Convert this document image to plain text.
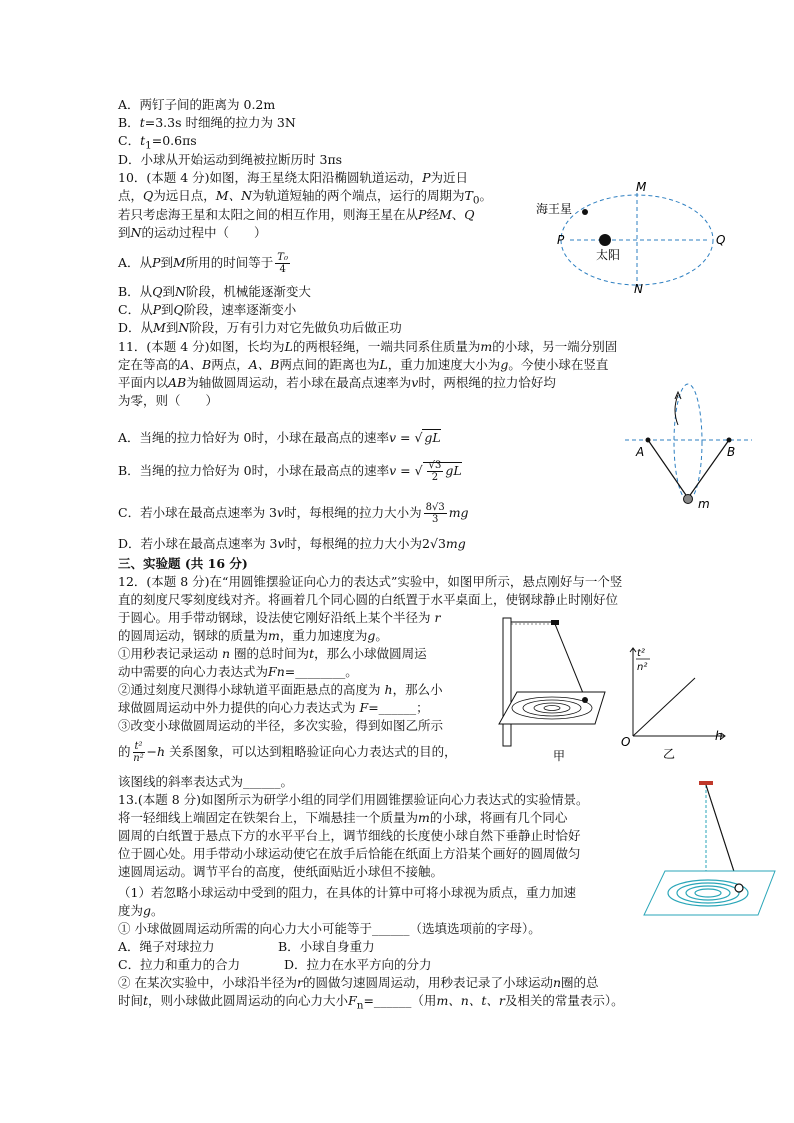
A．两钉子间的距离为 0.2m
B．t=3.3s 时细绳的拉力为 3N
C．$t_1=0.6\pi s$
D．小球从开始运动到绳被拉断历时 3πs
10．(本题 4 分)如图，海王星绕太阳沿椭圆轨道运动，P为近日
点，Q为远日点，M、N为轨道短轴的两个端点，运行的周期为$T_0$。
若只考虑海王星和太阳之间的相互作用，则海王星在从P经M、Q
到N的运动过程中（　　）
A．从P到M所用的时间等于 $\frac{\text{T₀}}{4}$
B．从Q到N阶段，机械能逐渐变大
C．从P到Q阶段，速率逐渐变小
D．从M到N阶段，万有引力对它先做负功后做正功
海王星
太阳
M
N
P	Q
11．(本题 4 分)如图，长均为L的两根轻绳，一端共同系住质量为m的小球，另一端分别固
定在等高的A、B两点，A、B两点间的距离也为L，重力加速度大小为g。今使小球在竖直
平面内以AB为轴做圆周运动，若小球在最高点速率为v时，两根绳的拉力恰好均
为零，则（　　）
A．当绳的拉力恰好为 0时，小球在最高点的速率v = √ gL
B．当绳的拉力恰好为 0时，小球在最高点的速率v = √ $\frac{√3}{2}$ gL
C．若小球在最高点速率为 3v时，每根绳的拉力大小为 $\frac{8√3}{3}$ mg
D．若小球在最高点速率为 3v时，每根绳的拉力大小为2√3mg
A	B
m
三、实验题 (共 16 分)
12．(本题 8 分)在“用圆锥摆验证向心力的表达式”实验中，如图甲所示，悬点刚好与一个竖
直的刻度尺零刻度线对齐。将画着几个同心圆的白纸置于水平桌面上，使钢球静止时刚好位
于圆心。用手带动钢球，设法使它刚好沿纸上某个半径为 r
的圆周运动，钢球的质量为m，重力加速度为g。
①用秒表记录运动 n 圈的总时间为t，那么小球做圆周运
动中需要的向心力表达式为Fn=________。
②通过刻度尺测得小球轨道平面距悬点的高度为 h，那么小
球做圆周运动中外力提供的向心力表达式为 F=______；
③改变小球做圆周运动的半径，多次实验，得到如图乙所示
的 $\frac{\text{t²}}{\text{n²}} -h$ 关系图象，可以达到粗略验证向心力表达式的目的，
该图线的斜率表达式为______。
甲
O	h
t²
n²
乙
13.(本题 8 分)如图所示为研学小组的同学们用圆锥摆验证向心力表达式的实验情景。
将一轻细线上端固定在铁架台上，下端悬挂一个质量为m的小球，将画有几个同心
圆周的白纸置于悬点下方的水平平台上，调节细线的长度使小球自然下垂静止时恰好
位于圆心处。用手带动小球运动使它在放手后恰能在纸面上方沿某个画好的圆周做匀
速圆周运动。调节平台的高度，使纸面贴近小球但不接触。
（1）若忽略小球运动中受到的阻力，在具体的计算中可将小球视为质点，重力加速
度为g。
① 小球做圆周运动所需的向心力大小可能等于______（选填选项前的字母）。
A．绳子对球拉力	B．小球自身重力
C．拉力和重力的合力	D．拉力在水平方向的分力
② 在某次实验中，小球沿半径为r的圆做匀速圆周运动，用秒表记录了小球运动n圈的总
时间t，则小球做此圆周运动的向心力大小$F_n=\_\_\_\_\_\_$（用m、n、t、r及相关的常量表示）。
